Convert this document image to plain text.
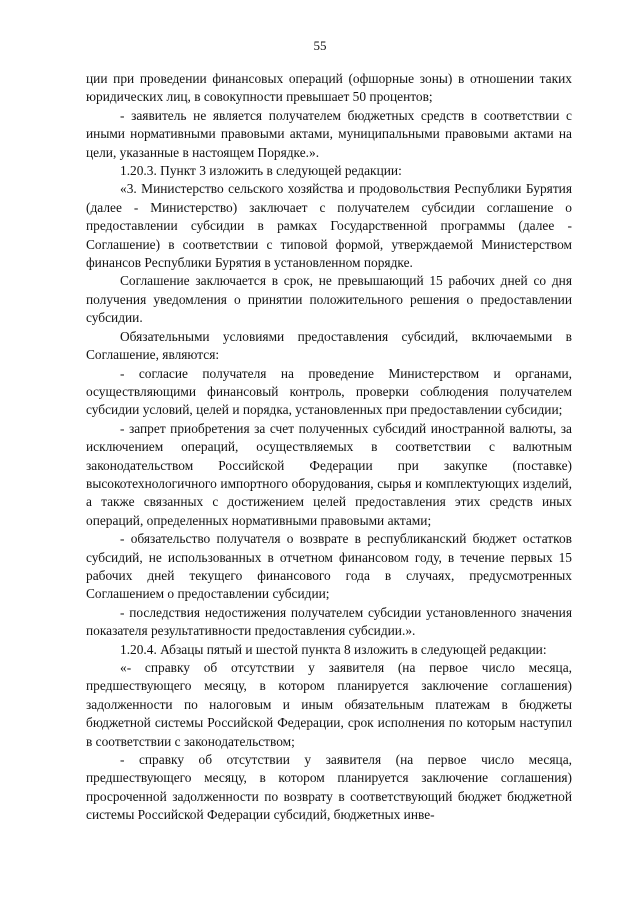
55

ции при проведении финансовых операций (офшорные зоны) в отношении таких юридических лиц, в совокупности превышает 50 процентов;

- заявитель не является получателем бюджетных средств в соответствии с иными нормативными правовыми актами, муниципальными правовыми актами на цели, указанные в настоящем Порядке.».

1.20.3. Пункт 3 изложить в следующей редакции:

«3. Министерство сельского хозяйства и продовольствия Республики Бурятия (далее - Министерство) заключает с получателем субсидии соглашение о предоставлении субсидии в рамках Государственной программы (далее - Соглашение) в соответствии с типовой формой, утверждаемой Министерством финансов Республики Бурятия в установленном порядке.

Соглашение заключается в срок, не превышающий 15 рабочих дней со дня получения уведомления о принятии положительного решения о предоставлении субсидии.

Обязательными условиями предоставления субсидий, включаемыми в Соглашение, являются:

- согласие получателя на проведение Министерством и органами, осуществляющими финансовый контроль, проверки соблюдения получателем субсидии условий, целей и порядка, установленных при предоставлении субсидии;

- запрет приобретения за счет полученных субсидий иностранной валюты, за исключением операций, осуществляемых в соответствии с валютным законодательством Российской Федерации при закупке (поставке) высокотехнологичного импортного оборудования, сырья и комплектующих изделий, а также связанных с достижением целей предоставления этих средств иных операций, определенных нормативными правовыми актами;

- обязательство получателя о возврате в республиканский бюджет остатков субсидий, не использованных в отчетном финансовом году, в течение первых 15 рабочих дней текущего финансового года в случаях, предусмотренных Соглашением о предоставлении субсидии;

- последствия недостижения получателем субсидии установленного значения показателя результативности предоставления субсидии.».

1.20.4. Абзацы пятый и шестой пункта 8 изложить в следующей редакции:

«- справку об отсутствии у заявителя (на первое число месяца, предшествующего месяцу, в котором планируется заключение соглашения) задолженности по налоговым и иным обязательным платежам в бюджеты бюджетной системы Российской Федерации, срок исполнения по которым наступил в соответствии с законодательством;

- справку об отсутствии у заявителя (на первое число месяца, предшествующего месяцу, в котором планируется заключение соглашения) просроченной задолженности по возврату в соответствующий бюджет бюджетной системы Российской Федерации субсидий, бюджетных инве-
